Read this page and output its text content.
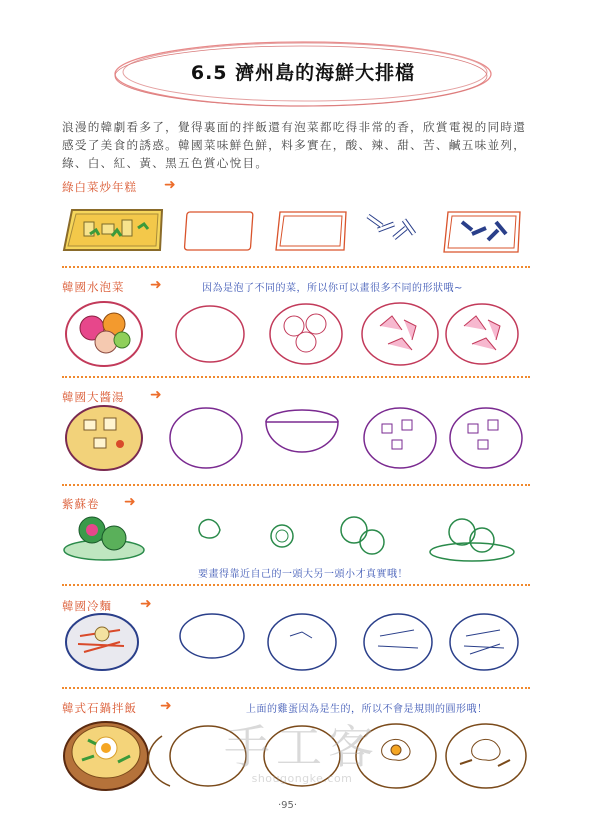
6.5 濟州島的海鮮大排檔
浪漫的韓劇看多了，覺得裏面的拌飯還有泡菜都吃得非常的香，欣賞電視的同時還感受了美食的誘惑。韓國菜味鮮色鮮，料多實在，酸、辣、甜、苦、鹹五味並列，綠、白、紅、黃、黑五色賞心悅目。
綠白菜炒年糕 ➜
韓國水泡菜 ➜	因為是泡了不同的菜，所以你可以畫很多不同的形狀哦~
韓國大醬湯 ➜
紫蘇卷 ➜
要畫得靠近自己的一頭大另一頭小才真實哦！
韓國冷麵 ➜
韓式石鍋拌飯 ➜	上面的雞蛋因為是生的，所以不會是規則的圓形哦！
手工客
shougongke.com
·95·
